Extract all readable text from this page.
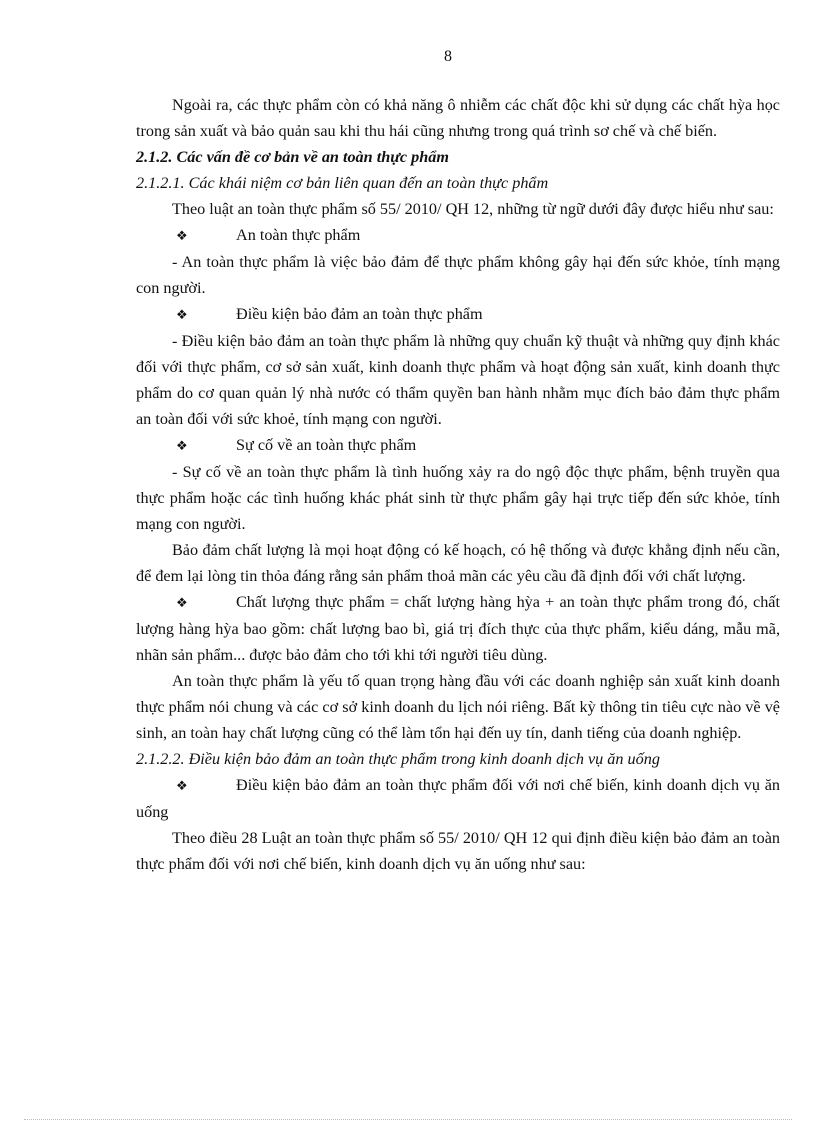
8

Ngoài ra, các thực phẩm còn có khả năng ô nhiễm các chất độc khi sử dụng các chất hỳa học trong sản xuất và bảo quản sau khi thu hái cũng nhưng trong quá trình sơ chế và chế biến.

2.1.2. Các vấn đề cơ bản về an toàn thực phẩm

2.1.2.1. Các khái niệm cơ bản liên quan đến an toàn thực phẩm

Theo luật an toàn thực phẩm số 55/ 2010/ QH 12, những từ ngữ dưới đây được hiểu như sau:

❖	An toàn thực phẩm

- An toàn thực phẩm là việc bảo đảm để thực phẩm không gây hại đến sức khỏe, tính mạng con người.

❖	Điều kiện bảo đảm an toàn thực phẩm

- Điều kiện bảo đảm an toàn thực phẩm là những quy chuẩn kỹ thuật và những quy định khác đối với thực phẩm, cơ sở sản xuất, kinh doanh thực phẩm và hoạt động sản xuất, kinh doanh thực phẩm do cơ quan quản lý nhà nước có thẩm quyền ban hành nhằm mục đích bảo đảm thực phẩm an toàn đối với sức khoẻ, tính mạng con người.

❖	Sự cố về an toàn thực phẩm

- Sự cố về an toàn thực phẩm là tình huống xảy ra do ngộ độc thực phẩm, bệnh truyền qua thực phẩm hoặc các tình huống khác phát sinh từ thực phẩm gây hại trực tiếp đến sức khỏe, tính mạng con người.

Bảo đảm chất lượng là mọi hoạt động có kế hoạch, có hệ thống và được khẳng định nếu cần, để đem lại lòng tin thỏa đáng rằng sản phẩm thoả mãn các yêu cầu đã định đối với chất lượng.

❖	Chất lượng thực phẩm = chất lượng hàng hỳa + an toàn thực phẩm trong đó, chất lượng hàng hỳa bao gồm: chất lượng bao bì, giá trị đích thực của thực phẩm, kiểu dáng, mẫu mã, nhãn sản phẩm... được bảo đảm cho tới khi tới người tiêu dùng.

An toàn thực phẩm là yếu tố quan trọng hàng đầu với các doanh nghiệp sản xuất kinh doanh thực phẩm nói chung và các cơ sở kinh doanh du lịch nói riêng. Bất kỳ thông tin tiêu cực nào về vệ sinh, an toàn hay chất lượng cũng có thể làm tổn hại đến uy tín, danh tiếng của doanh nghiệp.

2.1.2.2. Điều kiện bảo đảm an toàn thực phẩm trong kinh doanh dịch vụ ăn uống

❖	Điều kiện bảo đảm an toàn thực phẩm đối với nơi chế biến, kinh doanh dịch vụ ăn uống

Theo điều 28 Luật an toàn thực phẩm số 55/ 2010/ QH 12 qui định điều kiện bảo đảm an toàn thực phẩm đối với nơi chế biến, kinh doanh dịch vụ ăn uống như sau:
